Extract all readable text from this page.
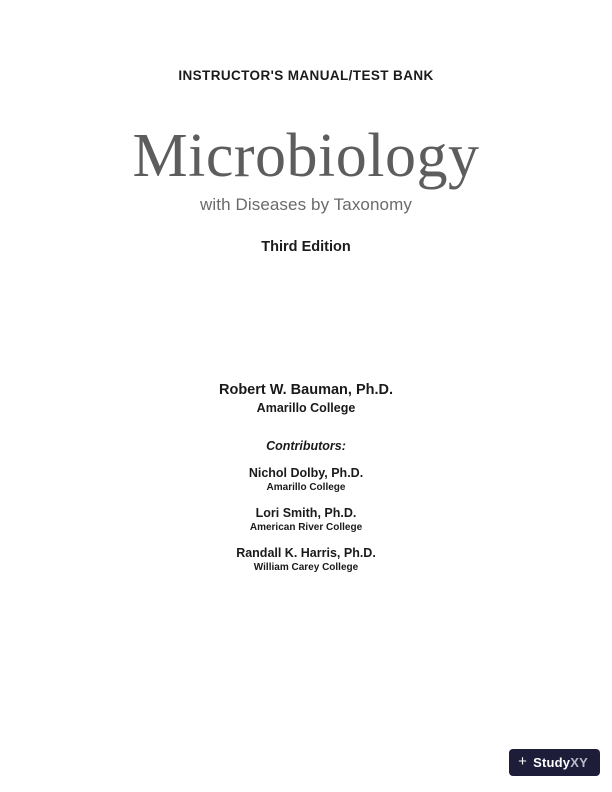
INSTRUCTOR'S MANUAL/TEST BANK
Microbiology
with Diseases by Taxonomy
Third Edition
Robert W. Bauman, Ph.D.
Amarillo College
Contributors:
Nichol Dolby, Ph.D.
Amarillo College
Lori Smith, Ph.D.
American River College
Randall K. Harris, Ph.D.
William Carey College
+ Study XY
